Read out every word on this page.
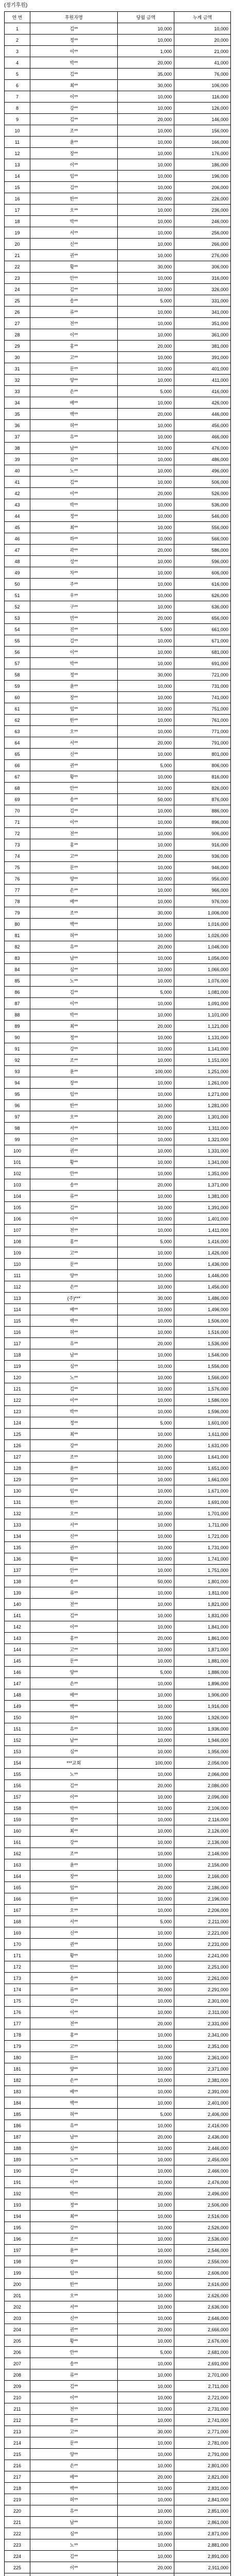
(정기후원)
연 번	후원자명	당월 금액	누계 금액
1	김**	10,000	10,000
2	정**	10,000	20,000
3	이**	1,000	21,000
4	박**	20,000	41,000
5	김**	35,000	76,000
6	최**	30,000	106,000
7	이**	10,000	116,000
8	강**	10,000	126,000
9	김**	20,000	146,000
10	조**	10,000	156,000
11	윤**	10,000	166,000
12	장**	10,000	176,000
13	이**	10,000	186,000
14	임**	10,000	196,000
15	김**	10,000	206,000
16	한**	20,000	226,000
17	오**	10,000	236,000
18	박**	10,000	246,000
19	서**	10,000	256,000
20	신**	10,000	266,000
21	권**	10,000	276,000
22	황**	30,000	306,000
23	안**	10,000	316,000
24	김**	10,000	326,000
25	송**	5,000	331,000
26	류**	10,000	341,000
27	전**	10,000	351,000
28	이**	10,000	361,000
29	홍**	20,000	381,000
30	고**	10,000	391,000
31	문**	10,000	401,000
32	양**	10,000	411,000
33	손**	5,000	416,000
34	배**	10,000	426,000
35	백**	20,000	446,000
36	허**	10,000	456,000
37	유**	10,000	466,000
38	남**	10,000	476,000
39	심**	10,000	486,000
40	노**	10,000	496,000
41	김**	10,000	506,000
42	이**	20,000	526,000
43	박**	10,000	536,000
44	정**	10,000	546,000
45	최**	10,000	556,000
46	하**	10,000	566,000
47	곽**	20,000	586,000
48	성**	10,000	596,000
49	차**	10,000	606,000
50	주**	10,000	616,000
51	우**	10,000	626,000
52	구**	10,000	636,000
53	민**	20,000	656,000
54	진**	5,000	661,000
55	김**	10,000	671,000
56	이**	10,000	681,000
57	박**	10,000	691,000
58	정**	30,000	721,000
59	윤**	10,000	731,000
60	장**	10,000	741,000
61	임**	10,000	751,000
62	한**	10,000	761,000
63	오**	10,000	771,000
64	서**	20,000	791,000
65	신**	10,000	801,000
66	권**	5,000	806,000
67	황**	10,000	816,000
68	안**	10,000	826,000
69	송**	50,000	876,000
70	김**	10,000	886,000
71	이**	10,000	896,000
72	전**	10,000	906,000
73	홍**	10,000	916,000
74	고**	20,000	936,000
75	문**	10,000	946,000
76	양**	10,000	956,000
77	손**	10,000	966,000
78	배**	10,000	976,000
79	조**	30,000	1,006,000
80	백**	10,000	1,016,000
81	허**	10,000	1,026,000
82	유**	20,000	1,046,000
83	남**	10,000	1,056,000
84	심**	10,000	1,066,000
85	노**	10,000	1,076,000
86	김**	5,000	1,081,000
87	이**	10,000	1,091,000
88	박**	10,000	1,101,000
89	최**	20,000	1,121,000
90	정**	10,000	1,131,000
91	강**	10,000	1,141,000
92	조**	10,000	1,151,000
93	윤**	100,000	1,251,000
94	장**	10,000	1,261,000
95	임**	10,000	1,271,000
96	한**	10,000	1,281,000
97	오**	20,000	1,301,000
98	서**	10,000	1,311,000
99	신**	10,000	1,321,000
100	권**	10,000	1,331,000
101	황**	10,000	1,341,000
102	안**	10,000	1,351,000
103	송**	20,000	1,371,000
104	류**	10,000	1,381,000
105	김**	10,000	1,391,000
106	이**	10,000	1,401,000
107	전**	10,000	1,411,000
108	홍**	5,000	1,416,000
109	고**	10,000	1,426,000
110	문**	10,000	1,436,000
111	양**	10,000	1,446,000
112	손**	10,000	1,456,000
113	(주)***	30,000	1,486,000
114	배**	10,000	1,496,000
115	백**	10,000	1,506,000
116	허**	10,000	1,516,000
117	유**	20,000	1,536,000
118	남**	10,000	1,546,000
119	심**	10,000	1,556,000
120	노**	10,000	1,566,000
121	김**	10,000	1,576,000
122	이**	10,000	1,586,000
123	박**	10,000	1,596,000
124	정**	5,000	1,601,000
125	최**	10,000	1,611,000
126	강**	20,000	1,631,000
127	조**	10,000	1,641,000
128	윤**	10,000	1,651,000
129	장**	10,000	1,661,000
130	임**	10,000	1,671,000
131	한**	20,000	1,691,000
132	오**	10,000	1,701,000
133	서**	10,000	1,711,000
134	신**	10,000	1,721,000
135	권**	10,000	1,731,000
136	황**	10,000	1,741,000
137	안**	10,000	1,751,000
138	송**	50,000	1,801,000
139	류**	10,000	1,811,000
140	전**	10,000	1,821,000
141	김**	10,000	1,831,000
142	이**	10,000	1,841,000
143	홍**	20,000	1,861,000
144	고**	10,000	1,871,000
145	문**	10,000	1,881,000
146	양**	5,000	1,886,000
147	손**	10,000	1,896,000
148	배**	10,000	1,906,000
149	백**	10,000	1,916,000
150	허**	10,000	1,926,000
151	유**	10,000	1,936,000
152	남**	10,000	1,946,000
153	심**	10,000	1,956,000
154	***교회	100,000	2,056,000
155	노**	10,000	2,066,000
156	김**	20,000	2,086,000
157	이**	10,000	2,096,000
158	박**	10,000	2,106,000
159	정**	10,000	2,116,000
160	최**	10,000	2,126,000
161	강**	10,000	2,136,000
162	조**	10,000	2,146,000
163	윤**	10,000	2,156,000
164	장**	10,000	2,166,000
165	임**	20,000	2,186,000
166	한**	10,000	2,196,000
167	오**	10,000	2,206,000
168	서**	5,000	2,211,000
169	신**	10,000	2,221,000
170	권**	10,000	2,231,000
171	황**	10,000	2,241,000
172	안**	10,000	2,251,000
173	송**	10,000	2,261,000
174	류**	30,000	2,291,000
175	김**	10,000	2,301,000
176	이**	10,000	2,311,000
177	전**	20,000	2,331,000
178	홍**	10,000	2,341,000
179	고**	10,000	2,351,000
180	문**	10,000	2,361,000
181	양**	10,000	2,371,000
182	손**	10,000	2,381,000
183	배**	10,000	2,391,000
184	백**	10,000	2,401,000
185	허**	5,000	2,406,000
186	유**	10,000	2,416,000
187	남**	20,000	2,436,000
188	심**	10,000	2,446,000
189	노**	10,000	2,456,000
190	김**	10,000	2,466,000
191	이**	10,000	2,476,000
192	박**	20,000	2,496,000
193	정**	10,000	2,506,000
194	최**	10,000	2,516,000
195	강**	10,000	2,526,000
196	조**	10,000	2,536,000
197	윤**	10,000	2,546,000
198	장**	10,000	2,556,000
199	임**	50,000	2,606,000
200	한**	10,000	2,616,000
201	오**	10,000	2,626,000
202	서**	10,000	2,636,000
203	신**	10,000	2,646,000
204	권**	20,000	2,666,000
205	황**	10,000	2,676,000
206	안**	5,000	2,681,000
207	송**	10,000	2,691,000
208	류**	10,000	2,701,000
209	김**	10,000	2,711,000
210	이**	10,000	2,721,000
211	전**	10,000	2,731,000
212	홍**	10,000	2,741,000
213	고**	30,000	2,771,000
214	문**	10,000	2,781,000
215	양**	10,000	2,791,000
216	손**	10,000	2,801,000
217	배**	20,000	2,821,000
218	백**	10,000	2,831,000
219	허**	10,000	2,841,000
220	유**	10,000	2,851,000
221	남**	10,000	2,861,000
222	심**	10,000	2,871,000
223	노**	10,000	2,881,000
224	김**	10,000	2,891,000
225	이**	20,000	2,911,000
